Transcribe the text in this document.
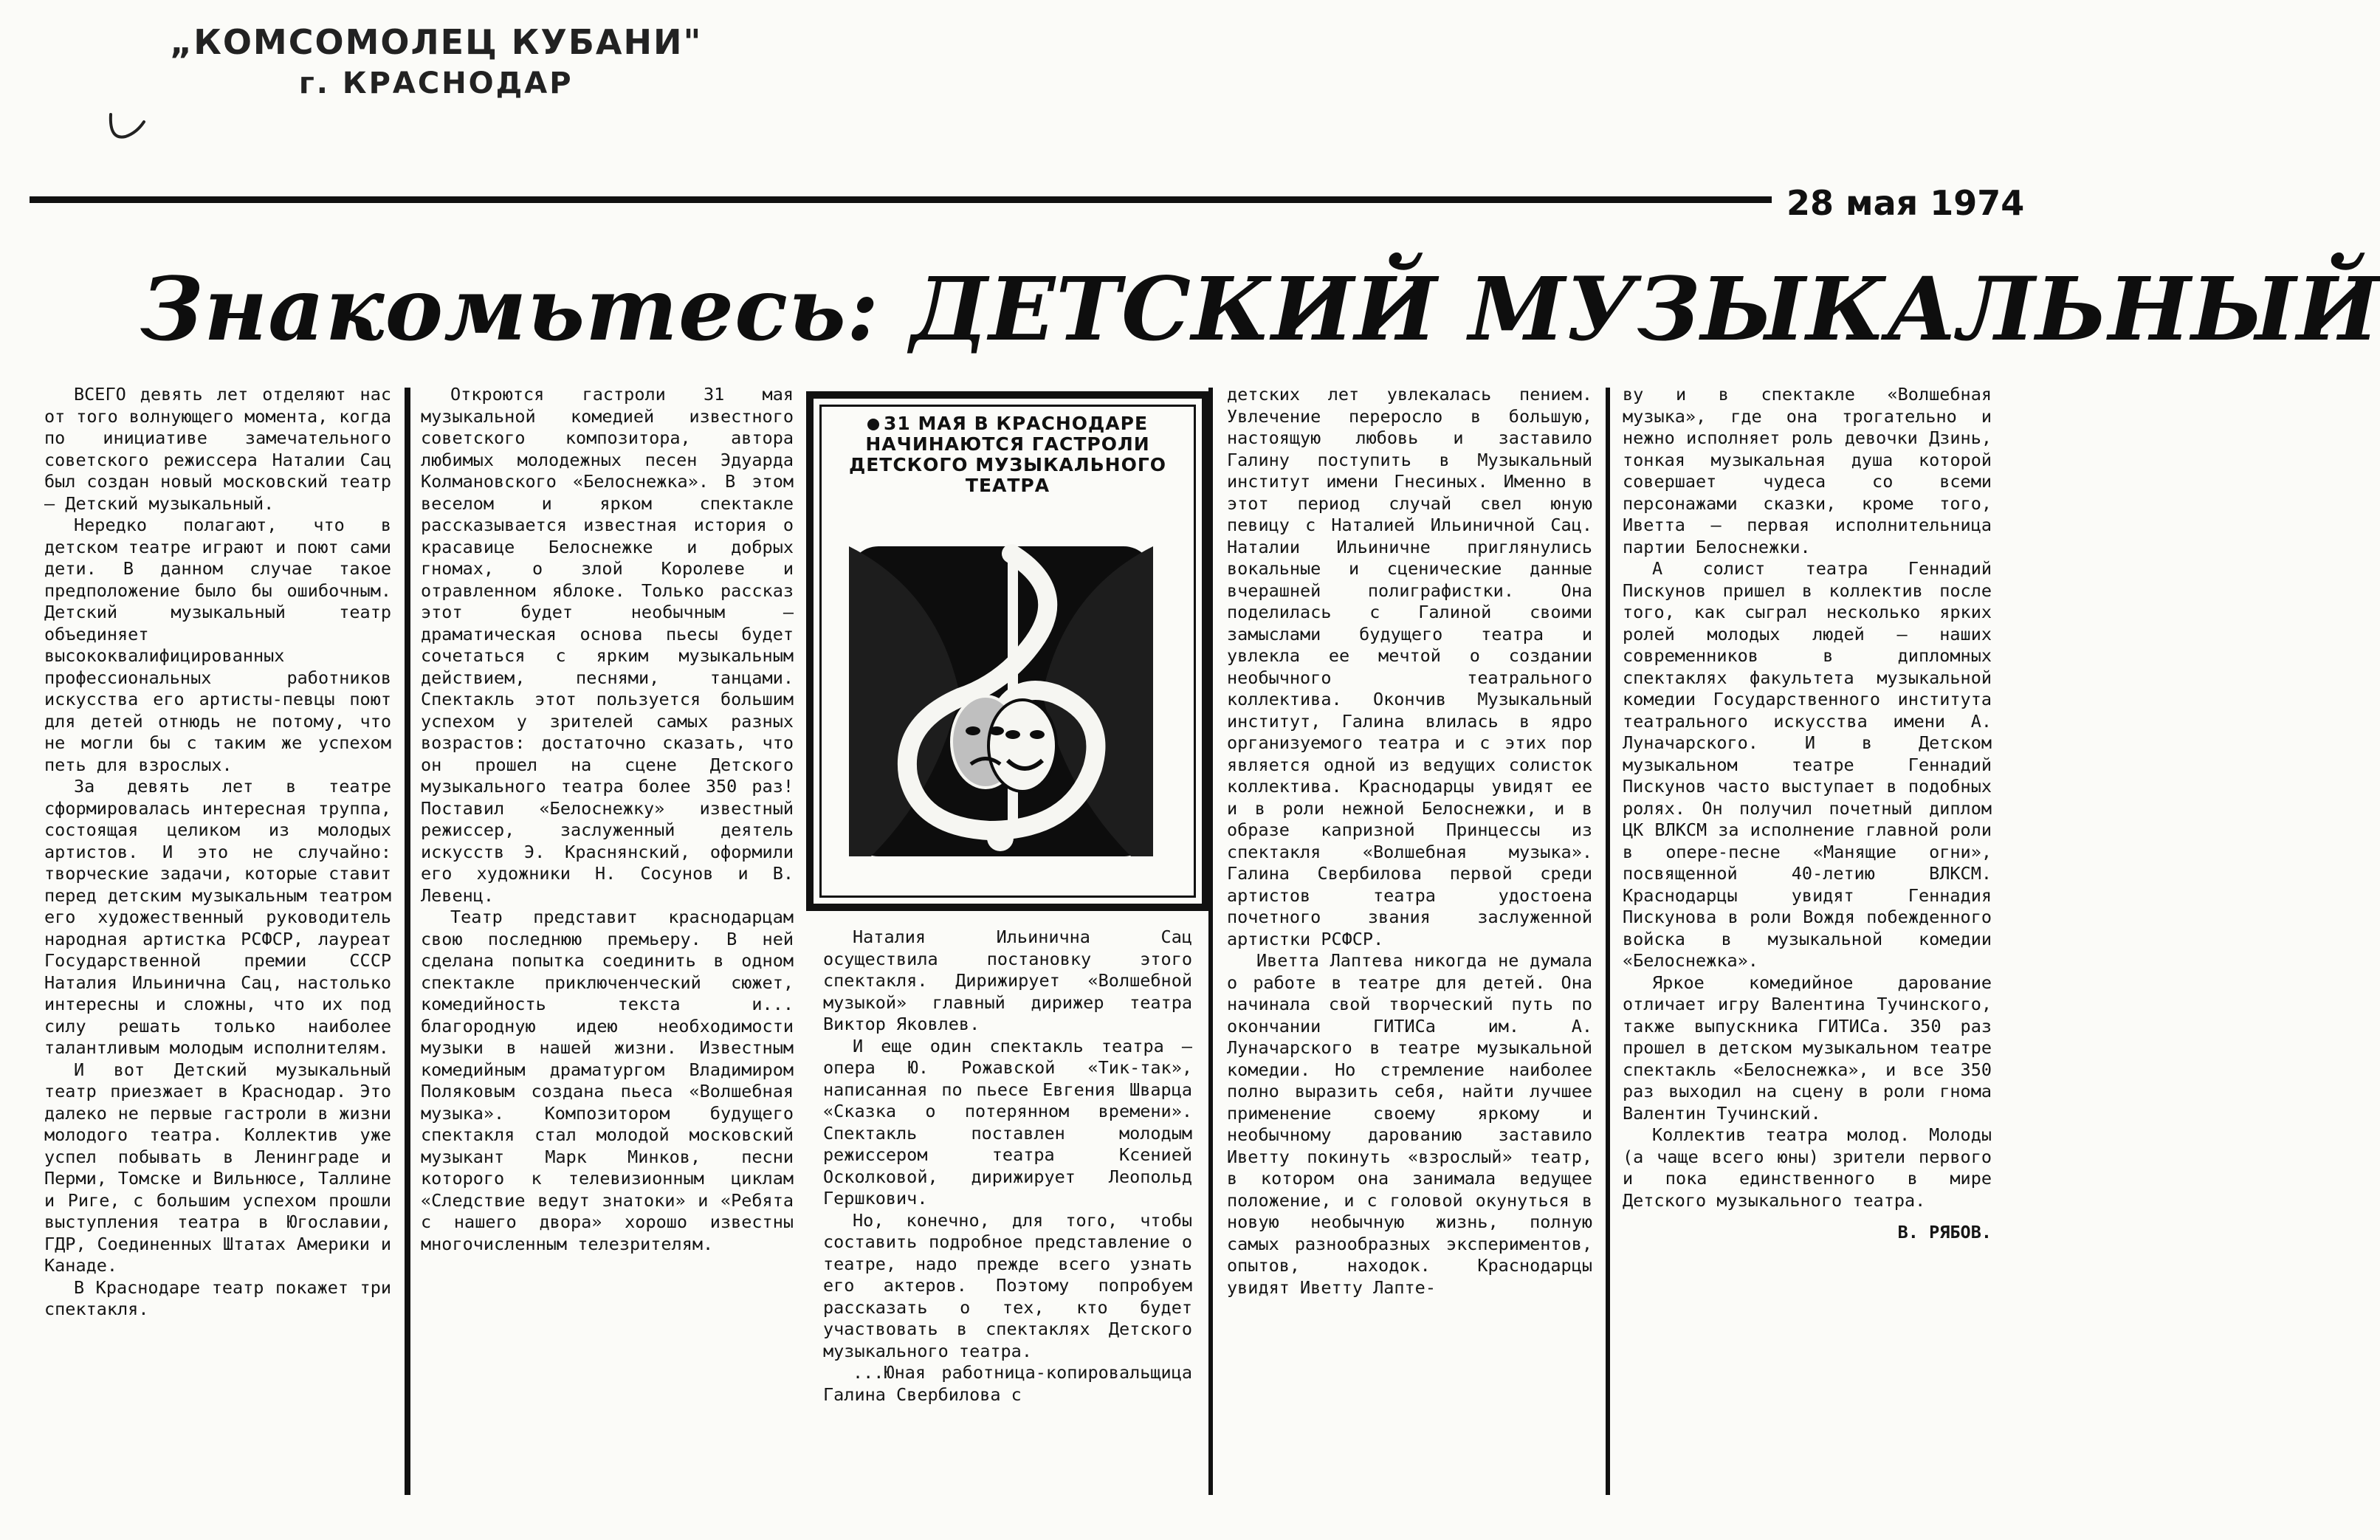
„КОМСОМОЛЕЦ КУБАНИ"
г. КРАСНОДАР
28 мая 1974
Знакомьтесь: ДЕТСКИЙ МУЗЫКАЛЬНЫЙ

ВСЕГО девять лет отделяют нас от того волнующего момента, когда по инициативе замечательного советского режиссера Наталии Сац был создан новый московский театр — Детский музыкальный.

Нередко полагают, что в детском театре играют и поют сами дети. В данном случае такое предположение было бы ошибочным. Детский музыкальный театр объединяет высококвалифицированных профессиональных работников искусства его артисты-певцы поют для детей отнюдь не потому, что не могли бы с таким же успехом петь для взрослых.

За девять лет в театре сформировалась интересная труппа, состоящая целиком из молодых артистов. И это не случайно: творческие задачи, которые ставит перед детским музыкальным театром его художественный руководитель народная артистка РСФСР, лауреат Государственной премии СССР Наталия Ильинична Сац, настолько интересны и сложны, что их под силу решать только наиболее талантливым молодым исполнителям.

И вот Детский музыкальный театр приезжает в Краснодар. Это далеко не первые гастроли в жизни молодого театра. Коллектив уже успел побывать в Ленинграде и Перми, Томске и Вильнюсе, Таллине и Риге, с большим успехом прошли выступления театра в Югославии, ГДР, Соединенных Штатах Америки и Канаде.

В Краснодаре театр покажет три спектакля.

Откроются гастроли 31 мая музыкальной комедией известного советского композитора, автора любимых молодежных песен Эдуарда Колмановского «Белоснежка». В этом веселом и ярком спектакле рассказывается известная история о красавице Белоснежке и добрых гномах, о злой Королеве и отравленном яблоке. Только рассказ этот будет необычным — драматическая основа пьесы будет сочетаться с ярким музыкальным действием, песнями, танцами. Спектакль этот пользуется большим успехом у зрителей самых разных возрастов: достаточно сказать, что он прошел на сцене Детского музыкального театра более 350 раз! Поставил «Белоснежку» известный режиссер, заслуженный деятель искусств Э. Краснянский, оформили его художники Н. Сосунов и В. Левенц.

Театр представит краснодарцам свою последнюю премьеру. В ней сделана попытка соединить в одном спектакле приключенческий сюжет, комедийность текста и... благородную идею необходимости музыки в нашей жизни. Известным комедийным драматургом Владимиром Поляковым создана пьеса «Волшебная музыка». Композитором будущего спектакля стал молодой московский музыкант Марк Минков, песни которого к телевизионным циклам «Следствие ведут знатоки» и «Ребята с нашего двора» хорошо известны многочисленным телезрителям.

31 МАЯ В КРАСНОДАРЕ НАЧИНАЮТСЯ ГАСТРОЛИ ДЕТСКОГО МУЗЫКАЛЬНОГО ТЕАТРА

Наталия Ильинична Сац осуществила постановку этого спектакля. Дирижирует «Волшебной музыкой» главный дирижер театра Виктор Яковлев.

И еще один спектакль театра — опера Ю. Рожавской «Тик-так», написанная по пьесе Евгения Шварца «Сказка о потерянном времени». Спектакль поставлен молодым режиссером театра Ксенией Осколковой, дирижирует Леопольд Гершкович.

Но, конечно, для того, чтобы составить подробное представление о театре, надо прежде всего узнать его актеров. Поэтому попробуем рассказать о тех, кто будет участвовать в спектаклях Детского музыкального театра.

...Юная работница-копировальщица Галина Свербилова с

детских лет увлекалась пением. Увлечение переросло в большую, настоящую любовь и заставило Галину поступить в Музыкальный институт имени Гнесиных. Именно в этот период случай свел юную певицу с Наталией Ильиничной Сац. Наталии Ильиничне приглянулись вокальные и сценические данные вчерашней полиграфистки. Она поделилась с Галиной своими замыслами будущего театра и увлекла ее мечтой о создании необычного театрального коллектива. Окончив Музыкальный институт, Галина влилась в ядро организуемого театра и с этих пор является одной из ведущих солисток коллектива. Краснодарцы увидят ее и в роли нежной Белоснежки, и в образе капризной Принцессы из спектакля «Волшебная музыка». Галина Свербилова первой среди артистов театра удостоена почетного звания заслуженной артистки РСФСР.

Иветта Лаптева никогда не думала о работе в театре для детей. Она начинала свой творческий путь по окончании ГИТИСа им. А. Луначарского в театре музыкальной комедии. Но стремление наиболее полно выразить себя, найти лучшее применение своему яркому и необычному дарованию заставило Иветту покинуть «взрослый» театр, в котором она занимала ведущее положение, и с головой окунуться в новую необычную жизнь, полную самых разнообразных экспериментов, опытов, находок. Краснодарцы увидят Иветту Лапте-

ву и в спектакле «Волшебная музыка», где она трогательно и нежно исполняет роль девочки Дзинь, тонкая музыкальная душа которой совершает чудеса со всеми персонажами сказки, кроме того, Иветта — первая исполнительница партии Белоснежки.

А солист театра Геннадий Пискунов пришел в коллектив после того, как сыграл несколько ярких ролей молодых людей — наших современников в дипломных спектаклях факультета музыкальной комедии Государственного института театрального искусства имени А. Луначарского. И в Детском музыкальном театре Геннадий Пискунов часто выступает в подобных ролях. Он получил почетный диплом ЦК ВЛКСМ за исполнение главной роли в опере-песне «Манящие огни», посвященной 40-летию ВЛКСМ. Краснодарцы увидят Геннадия Пискунова в роли Вождя побежденного войска в музыкальной комедии «Белоснежка».

Яркое комедийное дарование отличает игру Валентина Тучинского, также выпускника ГИТИСа. 350 раз прошел в детском музыкальном театре спектакль «Белоснежка», и все 350 раз выходил на сцену в роли гнома Валентин Тучинский.

Коллектив театра молод. Молоды (а чаще всего юны) зрители первого и пока единственного в мире Детского музыкального театра.

В. РЯБОВ.
